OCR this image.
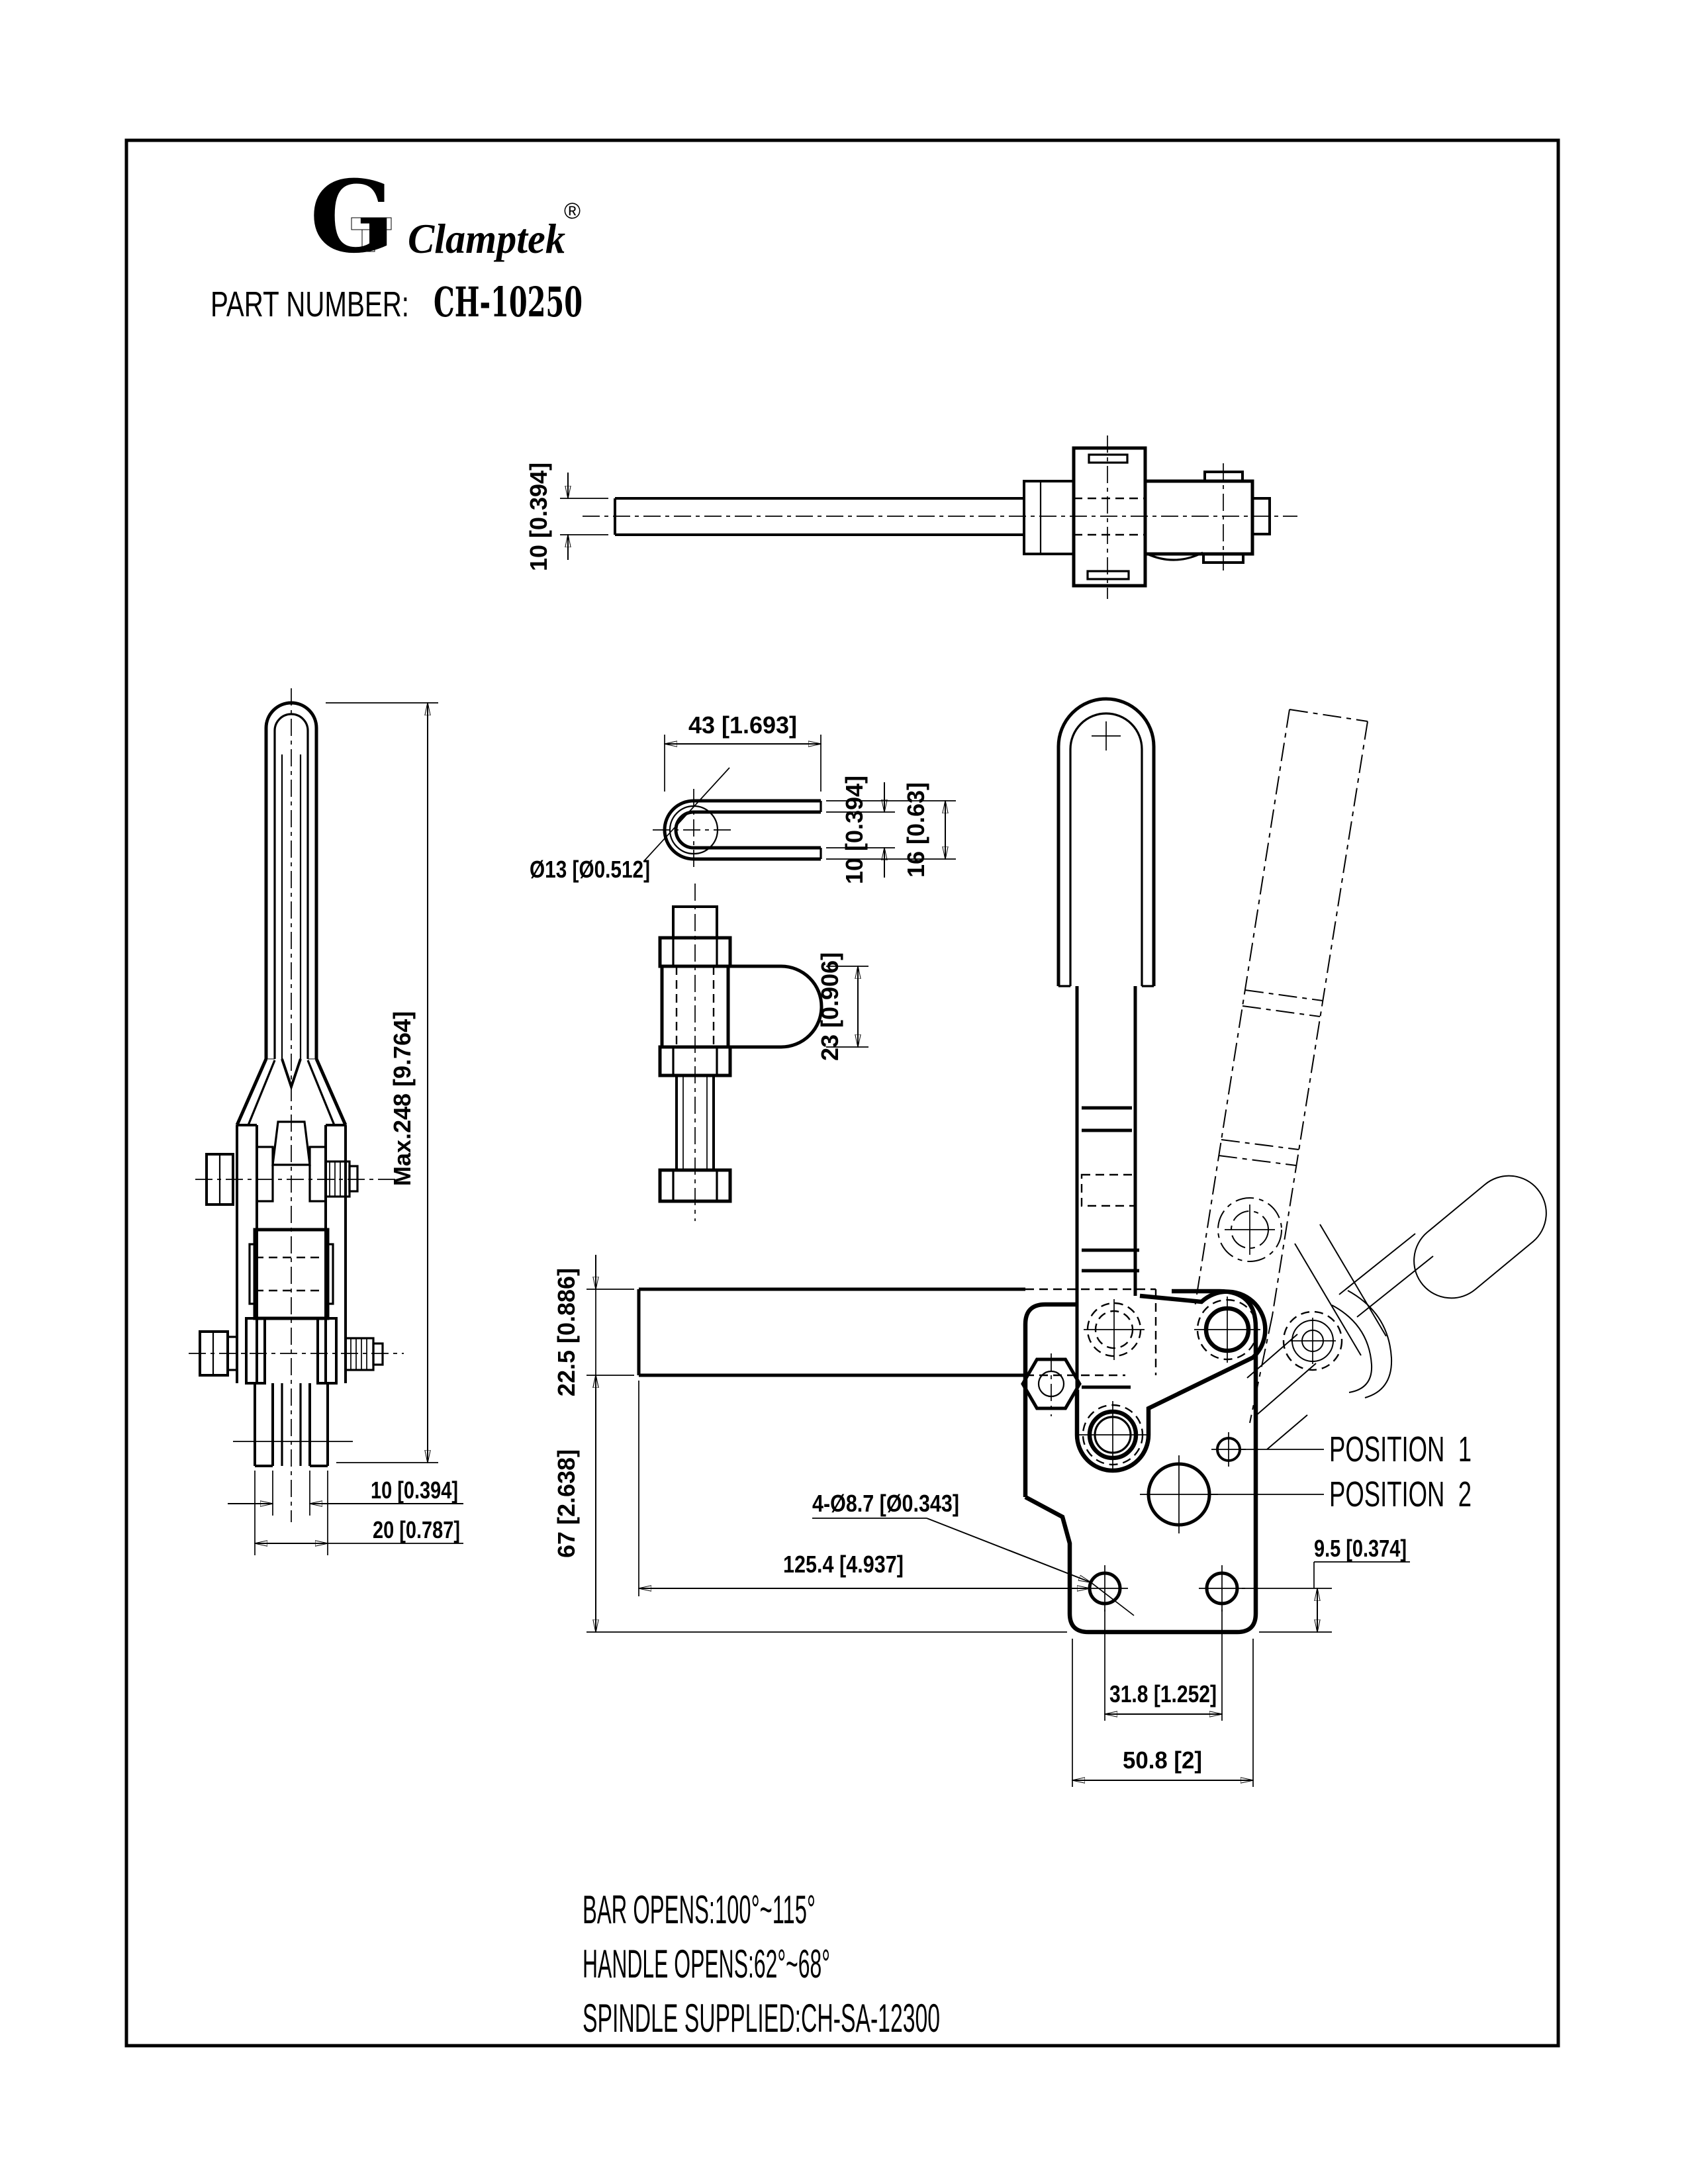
G Clamptek
®
PART NUMBER: CH-10250
10 [0.394]
Ø13 [Ø0.512]
43 [1.693]
10 [0.394] 16 [0.63]
23 [0.906]
Max.248 [9.764]
10 [0.394]
20 [0.787]
22.5 [0.886]
67 [2.638]
125.4 [4.937]
4-Ø8.7 [Ø0.343]
POSITION  1
POSITION  2
9.5 [0.374]
31.8 [1.252]
50.8 [2]
BAR OPENS:100°~115°
HANDLE OPENS:62°~68°
SPINDLE SUPPLIED:CH-SA-12300
